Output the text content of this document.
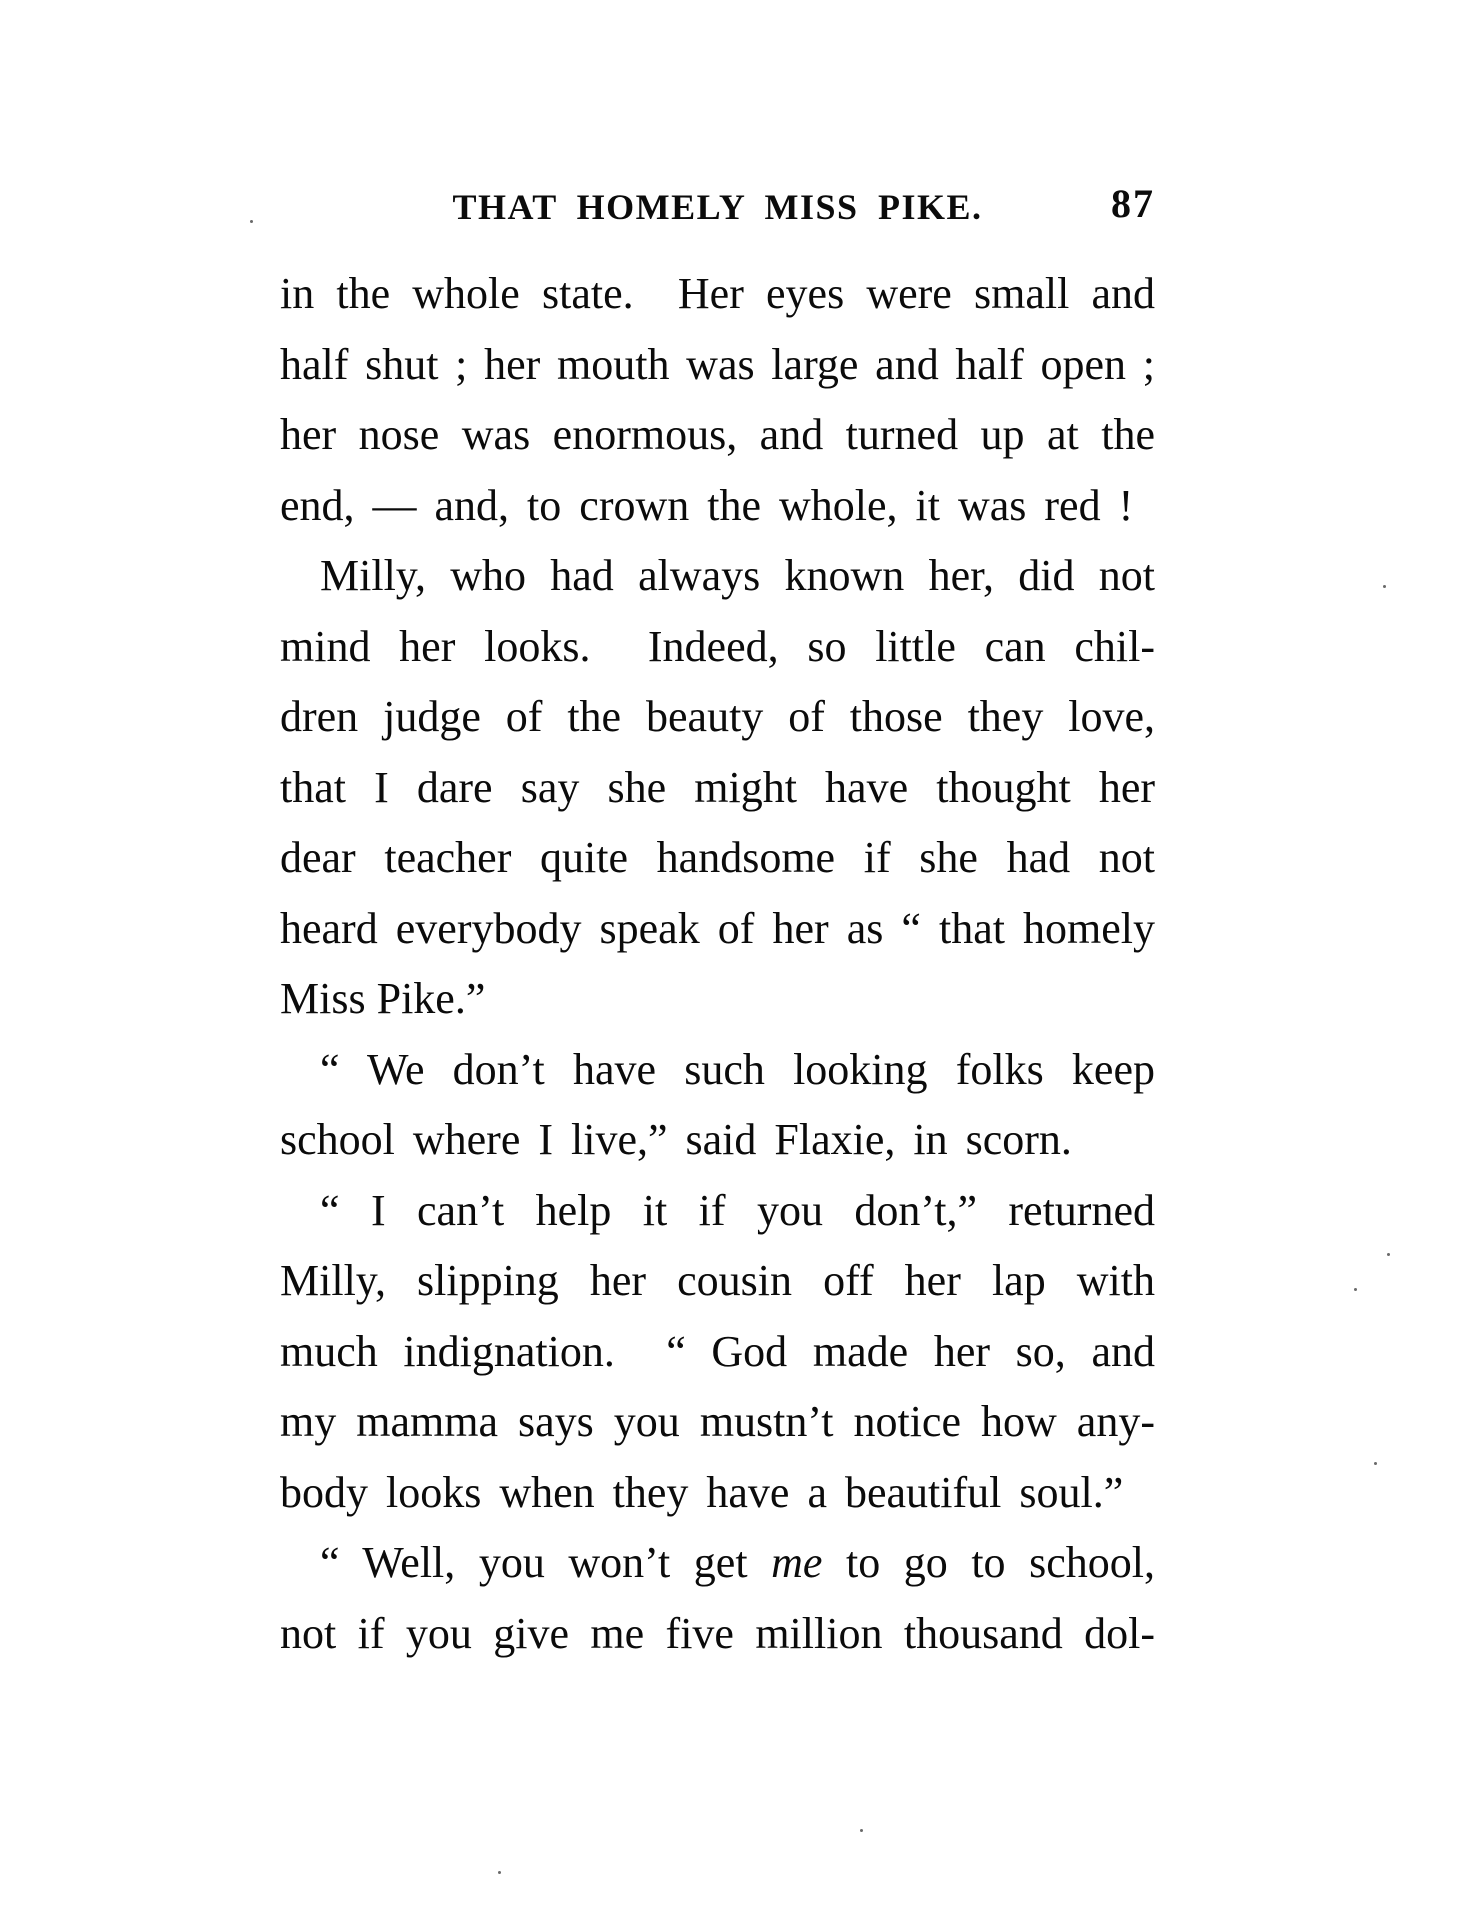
THAT HOMELY MISS PIKE.	87
in the whole state.  Her eyes were small and
half shut ; her mouth was large and half open ;
her nose was enormous, and turned up at the
end, — and, to crown the whole, it was red !
Milly, who had always known her, did not
mind her looks.  Indeed, so little can chil-
dren judge of the beauty of those they love,
that I dare say she might have thought her
dear teacher quite handsome if she had not
heard everybody speak of her as “ that homely
Miss Pike.”
“ We don’t have such looking folks keep
school where I live,” said Flaxie, in scorn.
“ I can’t help it if you don’t,” returned
Milly, slipping her cousin off her lap with
much indignation.  “ God made her so, and
my mamma says you mustn’t notice how any-
body looks when they have a beautiful soul.”
“ Well, you won’t get me to go to school,
not if you give me five million thousand dol-
